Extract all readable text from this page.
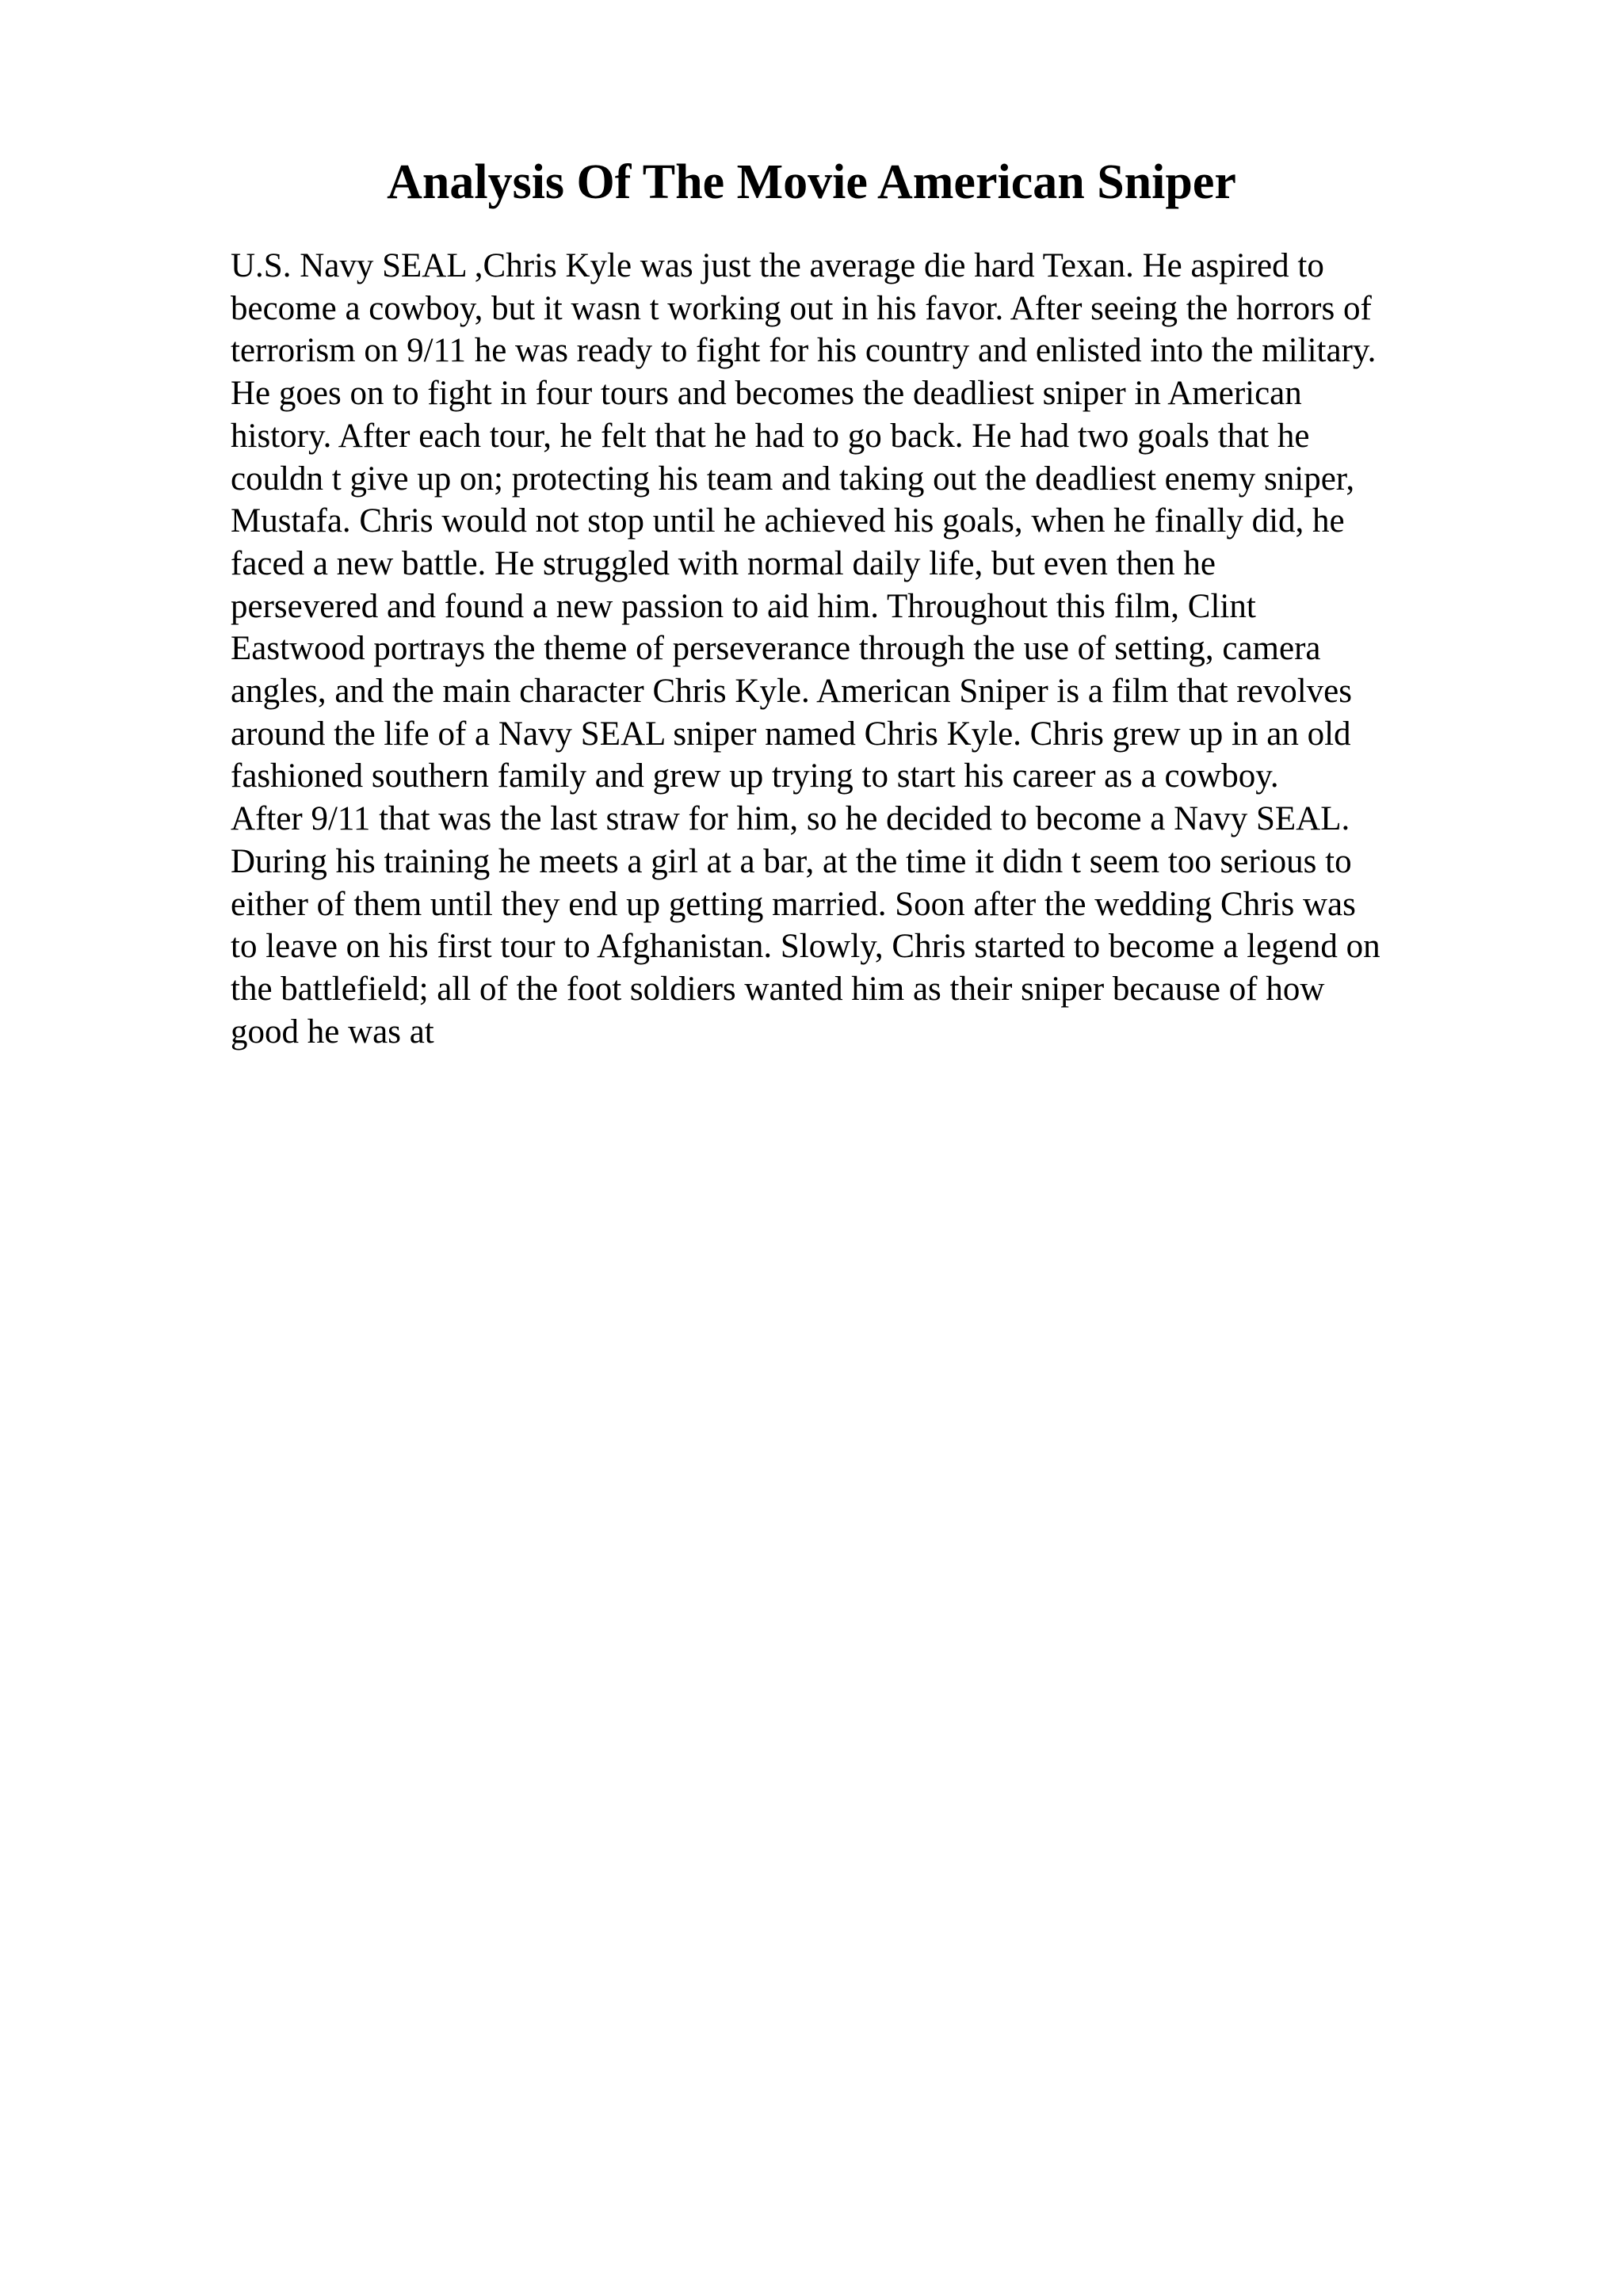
Analysis Of The Movie American Sniper
U.S. Navy SEAL ,Chris Kyle was just the average die hard Texan. He aspired to
become a cowboy, but it wasn t working out in his favor. After seeing the horrors of
terrorism on 9/11 he was ready to fight for his country and enlisted into the military.
He goes on to fight in four tours and becomes the deadliest sniper in American
history. After each tour, he felt that he had to go back. He had two goals that he
couldn t give up on; protecting his team and taking out the deadliest enemy sniper,
Mustafa. Chris would not stop until he achieved his goals, when he finally did, he
faced a new battle. He struggled with normal daily life, but even then he
persevered and found a new passion to aid him. Throughout this film, Clint
Eastwood portrays the theme of perseverance through the use of setting, camera
angles, and the main character Chris Kyle. American Sniper is a film that revolves
around the life of a Navy SEAL sniper named Chris Kyle. Chris grew up in an old
fashioned southern family and grew up trying to start his career as a cowboy.
After 9/11 that was the last straw for him, so he decided to become a Navy SEAL.
During his training he meets a girl at a bar, at the time it didn t seem too serious to
either of them until they end up getting married. Soon after the wedding Chris was
to leave on his first tour to Afghanistan. Slowly, Chris started to become a legend on
the battlefield; all of the foot soldiers wanted him as their sniper because of how
good he was at
